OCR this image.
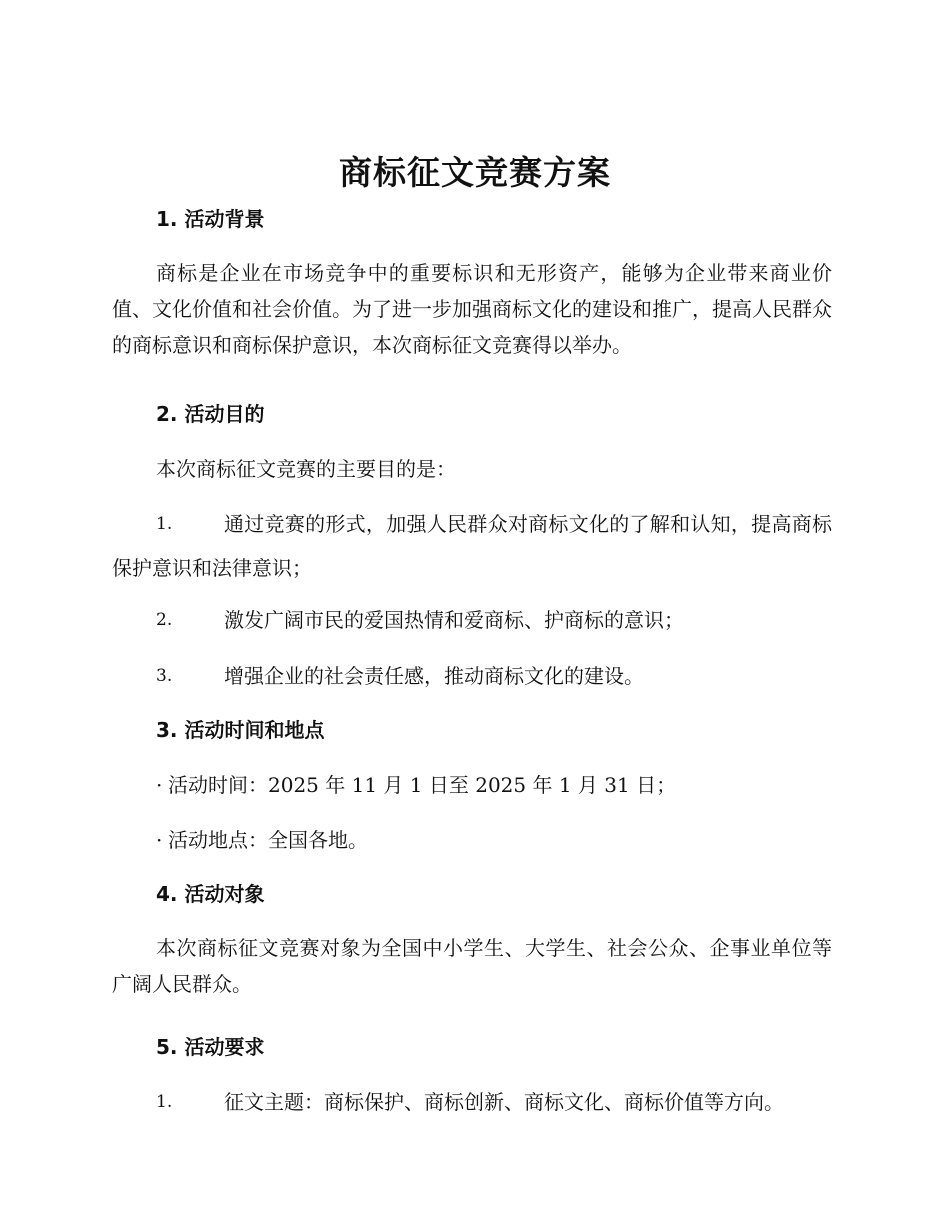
商标征文竞赛方案
1. 活动背景

商标是企业在市场竞争中的重要标识和无形资产，能够为企业带来商业价值、文化价值和社会价值。为了进一步加强商标文化的建设和推广，提高人民群众的商标意识和商标保护意识，本次商标征文竞赛得以举办。

2. 活动目的

本次商标征文竞赛的主要目的是：

1.	通过竞赛的形式，加强人民群众对商标文化的了解和认知，提高商标保护意识和法律意识；
2.	激发广阔市民的爱国热情和爱商标、护商标的意识；
3.	增强企业的社会责任感，推动商标文化的建设。
3. 活动时间和地点

· 活动时间：2025 年 11 月 1 日至 2025 年 1 月 31 日；

· 活动地点：全国各地。

4. 活动对象

本次商标征文竞赛对象为全国中小学生、大学生、社会公众、企事业单位等广阔人民群众。

5. 活动要求
1.	征文主题：商标保护、商标创新、商标文化、商标价值等方向。
